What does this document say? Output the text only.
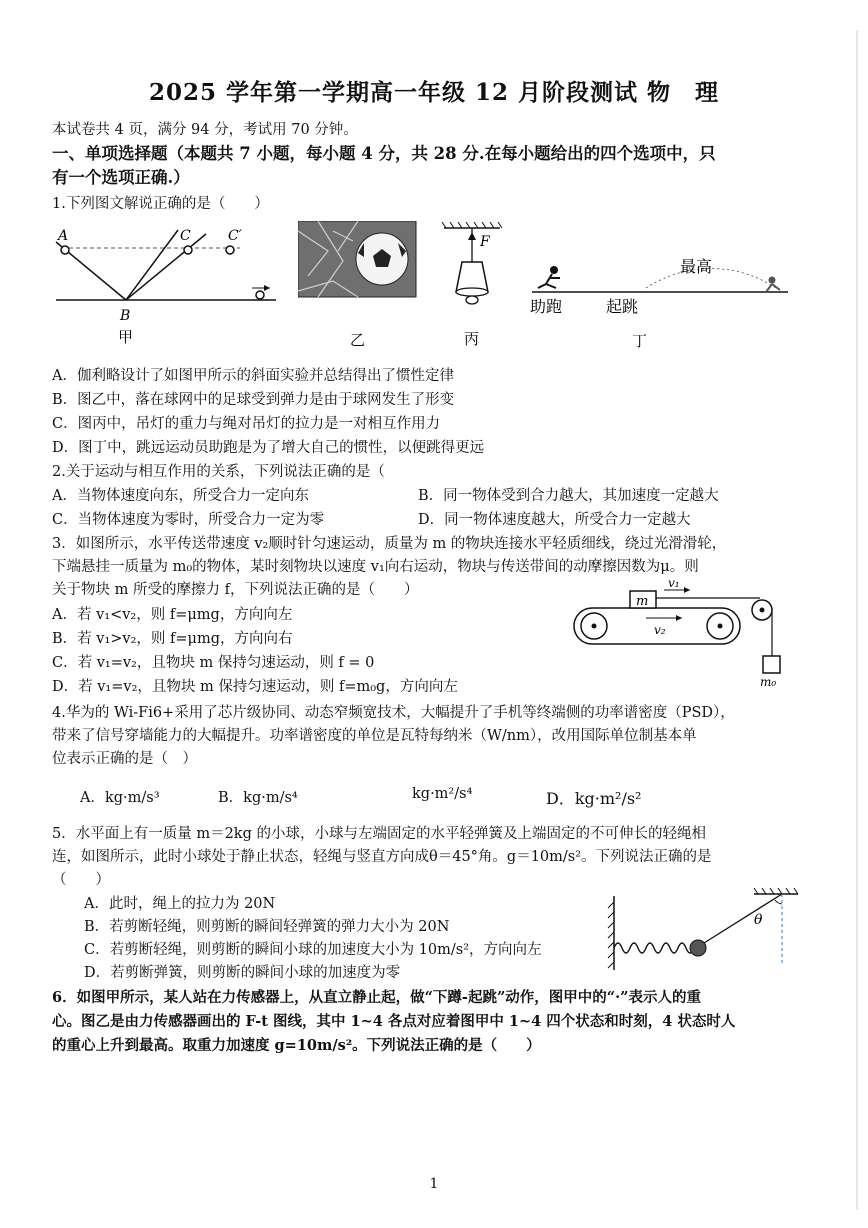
2025 学年第一学期高一年级 12 月阶段测试 物　理
本试卷共 4 页，满分 94 分，考试用 70 分钟。
一、单项选择题（本题共 7 小题，每小题 4 分，共 28 分.在每小题给出的四个选项中，只
有一个选项正确.）
1.下列图文解说正确的是（　　）
A	C	C′
B
甲	乙
F
丙
最高
助跑	起跳
丁
A．伽利略设计了如图甲所示的斜面实验并总结得出了惯性定律
B．图乙中，落在球网中的足球受到弹力是由于球网发生了形变
C．图丙中，吊灯的重力与绳对吊灯的拉力是一对相互作用力
D．图丁中，跳远运动员助跑是为了增大自己的惯性，以便跳得更远
2.关于运动与相互作用的关系，下列说法正确的是（
A．当物体速度向东，所受合力一定向东	B．同一物体受到合力越大，其加速度一定越大
C．当物体速度为零时，所受合力一定为零	D．同一物体速度越大，所受合力一定越大
3．如图所示，水平传送带速度 v₂顺时针匀速运动，质量为 m 的物块连接水平轻质细线，绕过光滑滑轮，
下端悬挂一质量为 m₀的物体，某时刻物块以速度 v₁向右运动，物块与传送带间的动摩擦因数为μ。则
关于物块 m 所受的摩擦力 f，下列说法正确的是（　　）
A．若 v₁<v₂，则 f=μmg，方向向左
B．若 v₁>v₂，则 f=μmg，方向向右
C．若 v₁=v₂，且物块 m 保持匀速运动，则 f = 0
D．若 v₁=v₂，且物块 m 保持匀速运动，则 f=m₀g，方向向左
m
m₀
v₁
v₂
4.华为的 Wi-Fi6+采用了芯片级协同、动态窄频宽技术，大幅提升了手机等终端侧的功率谱密度（PSD），
带来了信号穿墙能力的大幅提升。功率谱密度的单位是瓦特每纳米（W/nm），改用国际单位制基本单
位表示正确的是（　）
A．kg·m/s³	B．kg·m/s⁴	kg·m²/s⁴	D．kg·m²/s²
5．水平面上有一质量 m＝2kg 的小球，小球与左端固定的水平轻弹簧及上端固定的不可伸长的轻绳相
连，如图所示，此时小球处于静止状态，轻绳与竖直方向成θ＝45°角。g＝10m/s²。下列说法正确的是
（　　）
A．此时，绳上的拉力为 20N
B．若剪断轻绳，则剪断的瞬间轻弹簧的弹力大小为 20N
C．若剪断轻绳，则剪断的瞬间小球的加速度大小为 10m/s²，方向向左
D．若剪断弹簧，则剪断的瞬间小球的加速度为零
θ
6．如图甲所示，某人站在力传感器上，从直立静止起，做“下蹲-起跳”动作，图甲中的“·”表示人的重
心。图乙是由力传感器画出的 F-t 图线，其中 1~4 各点对应着图甲中 1~4 四个状态和时刻，4 状态时人
的重心上升到最高。取重力加速度 g=10m/s²。下列说法正确的是（　　）
1
